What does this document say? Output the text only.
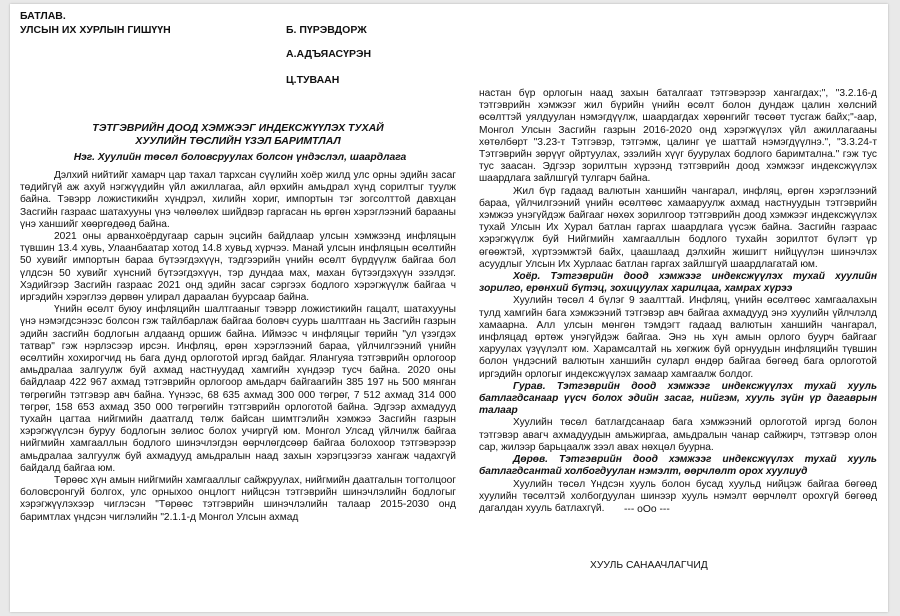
БАТЛАВ.
УЛСЫН ИХ ХУРЛЫН ГИШҮҮН	Б. ПҮРЭВДОРЖ
А.АДЪЯАСҮРЭН
Ц.ТУВААН
ТЭТГЭВРИЙН ДООД ХЭМЖЭЭГ ИНДЕКСЖҮҮЛЭХ ТУХАЙ
ХУУЛИЙН ТӨСЛИЙН ҮЗЭЛ БАРИМТЛАЛ
Нэг. Хуулийн төсөл боловсруулах болсон үндэслэл, шаардлага

Дэлхий нийтийг хамарч цар тахал тархсан сүүлийн хоёр жилд улс орны эдийн засаг төдийгүй аж ахуй нэгжүүдийн үйл ажиллагаа, айл өрхийн амьдрал хүнд сорилтыг туулж байна. Тэвэрр ложистикийн хүндрэл, хилийн хориг, импортын тэг зогсолттой давхцан Засгийн газраас шатахууны үнэ чөлөөлөх шийдвэр гаргасан нь өргөн хэрэглээний барааны үнэ ханшийг хөөргөдөөд байна.

2021 оны арванхоёрдугаар сарын эцсийн байдлаар улсын хэмжээнд инфляцын түвшин 13.4 хувь, Улаанбаатар хотод 14.8 хувьд хүрчээ. Манай улсын инфляцын өсөлтийн 50 хувийг импортын бараа бүтээгдэхүүн, тэдгээрийн үнийн өсөлт бүрдүүлж байгаа бол үлдсэн 50 хувийг хүнсний бүтээгдэхүүн, тэр дундаа мах, махан бүтээгдэхүүн эзэлдэг. Хэдийгээр Засгийн газраас 2021 онд эдийн засаг сэргээх бодлого хэрэгжүүлж байгаа ч иргэдийн хэрэглээ дөрвөн улирал дараалан буурсаар байна.

Үнийн өсөлт буюу инфляцийн шалтгааныг тэвэрр ложистикийн гацалт, шатахууны үнэ нэмэгдсэнээс болсон гэж тайлбарлаж байгаа боловч суурь шалтгаан нь Засгийн газрын эдийн засгийн бодлогын алдаанд оршиж байна. Иймээс ч инфляцыг төрийн "ул үзэгдэх татвар" гэж нэрлэсээр ирсэн. Инфляц, өрөн хэрэглээний бараа, үйлчилгээний үнийн өсөлтийн хохирогчид нь бага дунд орлоготой иргэд байдаг. Ялангуяа тэтгэврийн орлогоор амьдралаа залгуулж буй ахмад настнуудад хамгийн хүндээр тусч байна. 2020 оны байдлаар 422 967 ахмад тэтгэврийн орлогоор амьдарч байгаагийн 385 197 нь 500 мянган төгрөгийн тэтгэвэр авч байна. Үүнээс, 68 635 ахмад 300 000 төгрөг, 7 512 ахмад 314 000 төгрөг, 158 653 ахмад 350 000 төгрөгийн тэтгэврийн орлоготой байна. Эдгээр ахмадууд тухайн цагтаа нийгмийн даатгалд төлж байсан шимтгэлийн хэмжээ Засгийн газрын хэрэгжүүлсэн буруу бодлогын зөлиос болох учиргүй юм. Монгол Улсад үйлчилж байгаа нийгмийн хамгааллын бодлого шинэчлэгдэн өөрчлөгдсөөр байгаа болохоор тэтгэвэрээр амьдралаа залгуулж буй ахмадууд амьдралын наад захын хэрэгцээгээ хангаж чадахгүй байдалд байгаа юм.

Төрөөс хүн амын нийгмийн хамгааллыг сайжруулах, нийгмийн даатгалын тогтолцоог боловсронгуй болгох, улс орныхоо онцлогт нийцсэн тэтгэврийн шинэчлэлийн бодлогыг хэрэгжүүлэхээр чиглэсэн "Төрөөс тэтгэврийн шинэчлэлийн талаар 2015-2030 онд баримтлах үндсэн чиглэлийн "2.1.1-д Монгол Улсын ахмад

настан бүр орлогын наад захын баталгаат тэтгэвэрээр хангагдах;", "3.2.16-д тэтгэврийн хэмжээг жил бүрийн үнийн өсөлт болон дундаж цалин хөлсний өсөлттэй уялдуулан нэмэгдүүлж, шаардагдах хөрөнгийг төсөөт тусгаж байх;"-аар, Монгол Улсын Засгийн газрын 2016-2020 онд хэрэгжүүлэх үйл ажиллагааны хөтөлбөрт "3.23-т Тэтгэвэр, тэтгэмж, цалинг үе шаттай нэмэгдүүлнэ.", "3.3.24-т Тэтгэврийн зөрүүг ойртуулах, эзэлийн хүүг буурулах бодлого баримтална." гэж тус тус заасан. Эдгээр зорилтын хүрээнд тэтгэврийн доод хэмжээг индексжүүлэх шаардлага зайлшгүй тулгарч байна.

Жил бүр гадаад валютын ханшийн чангарал, инфляц, өргөн хэрэглээний бараа, үйлчилгээний үнийн өсөлтөөс хамааруулж ахмад настнуудын тэтгэврийн хэмжээ унэгүйдэж байгааг нөхөх зорилгоор тэтгэврийн доод хэмжээг индексжүүлэх тухай Улсын Их Хурал батлан гаргах шаардлага үүсэж байна. Засгийн газраас хэрэгжүүлж буй Нийгмийн хамгааллын бодлого тухайн зорилтот бүлэгт үр өгөөжтэй, хүртээмжтэй байх, цаашлаад дэлхийн жишигт нийцүүлэн шинэчлэх асуудлыг Улсын Их Хурлаас батлан гаргах зайлшгүй шаардлагатай юм.

Хоёр. Тэтгэврийн доод хэмжээг индексжүүлэх тухай хуулийн зорилго, ерөнхий бүтэц, зохицуулах харилцаа, хамрах хүрээ

Хуулийн төсөл 4 бүлэг 9 заалттай. Инфляц, үнийн өсөлтөөс хамгаалахын тулд хамгийн бага хэмжээний тэтгэвэр авч байгаа ахмадууд энэ хуулийн үйлчлэлд хамаарна. Алл улсын мөнгөн тэмдэгт гадаад валютын ханшийн чангарал, инфляцад өртөж унэгүйдэж байгаа. Энэ нь хүн амын орлого буурч байгааг харуулах үзүүлэлт юм. Харамсалтай нь хөгжиж буй орнуудын инфляцийн түвшин болон үндэсний валютын ханшийн суларл өндөр байгаа бөгөөд бага орлоготой иргэдийн орлогыг индексжүүлэх замаар хамгаалж болдог.

Гурав. Тэтгэврийн доод хэмжээг индексжүүлэх тухай хууль батлагдсанаар үүсч болох эдийн засаг, нийгэм, хууль зүйн үр дагаврын талаар

Хуулийн төсөл батлагдсанаар бага хэмжээний орлоготой иргэд болон тэтгэвэр авагч ахмадуудын амьжиргаа, амьдралын чанар сайжирч, тэтгэвэр олон сар, жилээр барьцаалж зээл авах нөхцөл буурна.

Дөрөв. Тэтгэврийн доод хэмжээг индексжүүлэх тухай хууль батлагдсантай холбогдуулан нэмэлт, өөрчлөлт орох хуулиуд

Хуулийн төсөл Үндсэн хууль болон бусад хуульд нийцэж байгаа бөгөөд хуулийн төсөлтэй холбогдуулан шинээр хууль нэмэлт өөрчлөлт орохгүй бөгөөд дагалдан хууль батлахгүй.	--- оОо ---
ХУУЛЬ САНААЧЛАГЧИД
